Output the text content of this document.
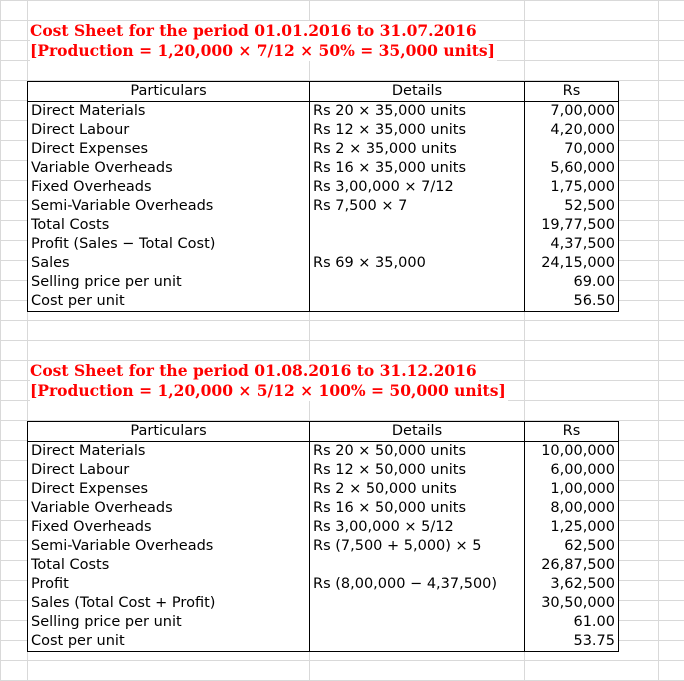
Cost Sheet for the period 01.01.2016 to 31.07.2016
[Production = 1,20,000 × 7/12 × 50% = 35,000 units]
Particulars	Details	Rs
Direct Materials	Rs 20 × 35,000 units	7,00,000
Direct Labour	Rs 12 × 35,000 units	4,20,000
Direct Expenses	Rs 2 × 35,000 units	70,000
Variable Overheads	Rs 16 × 35,000 units	5,60,000
Fixed Overheads	Rs 3,00,000 × 7/12	1,75,000
Semi-Variable Overheads	Rs 7,500 × 7	52,500
Total Costs		19,77,500
Profit (Sales − Total Cost)		4,37,500
Sales	Rs 69 × 35,000	24,15,000
Selling price per unit		69.00
Cost per unit		56.50
Cost Sheet for the period 01.08.2016 to 31.12.2016
[Production = 1,20,000 × 5/12 × 100% = 50,000 units]
Particulars	Details	Rs
Direct Materials	Rs 20 × 50,000 units	10,00,000
Direct Labour	Rs 12 × 50,000 units	6,00,000
Direct Expenses	Rs 2 × 50,000 units	1,00,000
Variable Overheads	Rs 16 × 50,000 units	8,00,000
Fixed Overheads	Rs 3,00,000 × 5/12	1,25,000
Semi-Variable Overheads	Rs (7,500 + 5,000) × 5	62,500
Total Costs		26,87,500
Profit	Rs (8,00,000 − 4,37,500)	3,62,500
Sales (Total Cost + Profit)		30,50,000
Selling price per unit		61.00
Cost per unit		53.75
